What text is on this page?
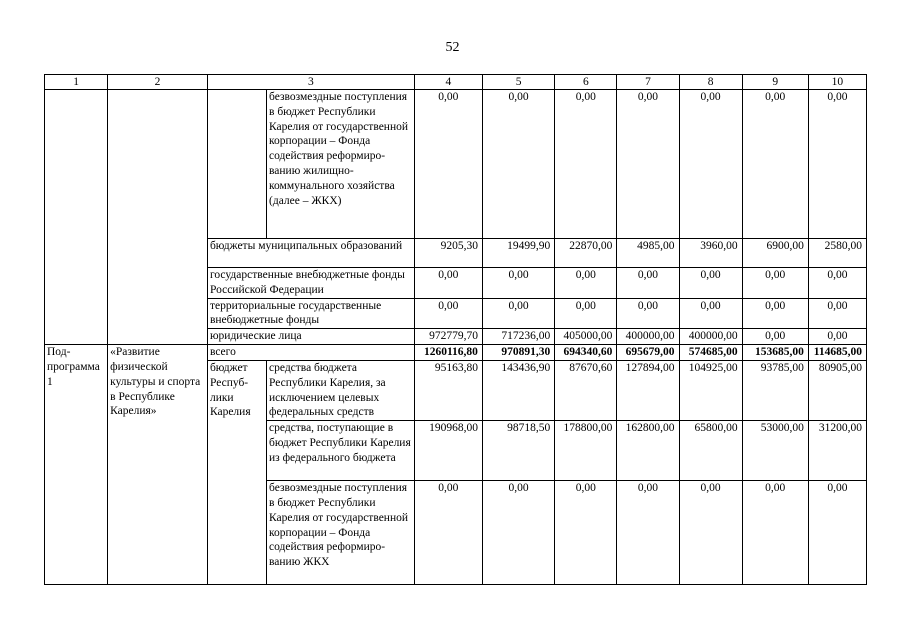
52
1	2	3		4	5	6	7	8	9	10
			безвозмездные поступления в бюджет Республики Карелия от государственной корпорации – Фонда содействия реформиро-ванию жилищно-коммунального хозяйства (далее – ЖКХ)	0,00	0,00	0,00	0,00	0,00	0,00	0,00
		бюджеты муниципальных образований		9205,30	19499,90	22870,00	4985,00	3960,00	6900,00	2580,00
		государственные внебюджетные фонды Российской Федерации		0,00	0,00	0,00	0,00	0,00	0,00	0,00
		территориальные государственные внебюджетные фонды		0,00	0,00	0,00	0,00	0,00	0,00	0,00
		юридические лица		972779,70	717236,00	405000,00	400000,00	400000,00	0,00	0,00
Под-программа 1	«Развитие физической культуры и спорта в Республике Карелия»	всего		1260116,80	970891,30	694340,60	695679,00	574685,00	153685,00	114685,00
		бюджет Респуб-лики Карелия	средства бюджета Республики Карелия, за исключением целевых федеральных средств	95163,80	143436,90	87670,60	127894,00	104925,00	93785,00	80905,00
			средства, поступающие в бюджет Республики Карелия из федерального бюджета	190968,00	98718,50	178800,00	162800,00	65800,00	53000,00	31200,00
			безвозмездные поступления в бюджет Республики Карелия от государственной корпорации – Фонда содействия реформиро-ванию ЖКХ	0,00	0,00	0,00	0,00	0,00	0,00	0,00
